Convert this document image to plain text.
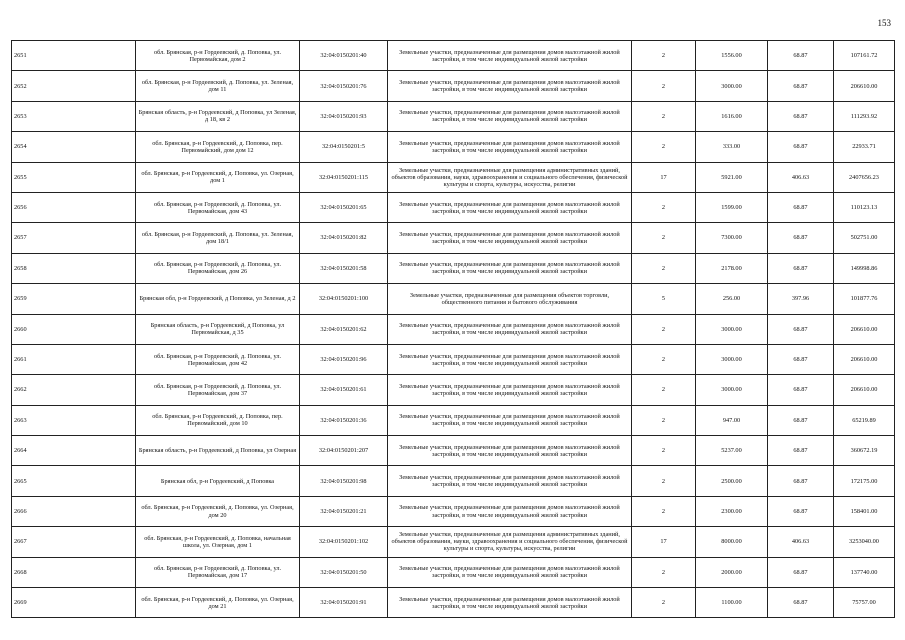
153
2651	обл. Брянская, р-н Гордеевский, д. Поповка, ул. Первомайская, дом 2	32:04:0150201:40	Земельные участки, предназначенные для размещения домов малоэтажной жилой застройки, в том числе индивидуальной жилой застройки	2	1556.00	68.87	107161.72
2652	обл. Брянская, р-н Гордеевский, д. Поповка, ул. Зеленая, дом 11	32:04:0150201:76	Земельные участки, предназначенные для размещения домов малоэтажной жилой застройки, в том числе индивидуальной жилой застройки	2	3000.00	68.87	206610.00
2653	Брянская область, р-н Гордеевский, д Поповка, ул Зеленая, д 18, кв 2	32:04:0150201:93	Земельные участки, предназначенные для размещения домов малоэтажной жилой застройки, в том числе индивидуальной жилой застройки	2	1616.00	68.87	111293.92
2654	обл. Брянская, р-н Гордеевский, д. Поповка, пер. Первомайский, дом дом 12	32:04:0150201:5	Земельные участки, предназначенные для размещения домов малоэтажной жилой застройки, в том числе индивидуальной жилой застройки	2	333.00	68.87	22933.71
2655	обл. Брянская, р-н Гордеевский, д. Поповка, ул. Озерная, дом 1	32:04:0150201:115	Земельные участки, предназначенные для размещения административных зданий, объектов образования, науки, здравоохранения и социального обеспечения, физической культуры и спорта, культуры, искусства, религии	17	5921.00	406.63	2407656.23
2656	обл. Брянская, р-н Гордеевский, д. Поповка, ул. Первомайская, дом 43	32:04:0150201:65	Земельные участки, предназначенные для размещения домов малоэтажной жилой застройки, в том числе индивидуальной жилой застройки	2	1599.00	68.87	110123.13
2657	обл. Брянская, р-н Гордеевский, д. Поповка, ул. Зеленая, дом 18/1	32:04:0150201:82	Земельные участки, предназначенные для размещения домов малоэтажной жилой застройки, в том числе индивидуальной жилой застройки	2	7300.00	68.87	502751.00
2658	обл. Брянская, р-н Гордеевский, д. Поповка, ул. Первомайская, дом 26	32:04:0150201:58	Земельные участки, предназначенные для размещения домов малоэтажной жилой застройки, в том числе индивидуальной жилой застройки	2	2178.00	68.87	149998.86
2659	Брянская обл, р-н Гордеевский, д Поповка, ул Зеленая, д 2	32:04:0150201:100	Земельные участки, предназначенные для размещения объектов торговли, общественного питания и бытового обслуживания	5	256.00	397.96	101877.76
2660	Брянская область, р-н Гордеевский, д Поповка, ул Первомайская, д 35	32:04:0150201:62	Земельные участки, предназначенные для размещения домов малоэтажной жилой застройки, в том числе индивидуальной жилой застройки	2	3000.00	68.87	206610.00
2661	обл. Брянская, р-н Гордеевский, д. Поповка, ул. Первомайская, дом 42	32:04:0150201:96	Земельные участки, предназначенные для размещения домов малоэтажной жилой застройки, в том числе индивидуальной жилой застройки	2	3000.00	68.87	206610.00
2662	обл. Брянская, р-н Гордеевский, д. Поповка, ул. Первомайская, дом 37	32:04:0150201:61	Земельные участки, предназначенные для размещения домов малоэтажной жилой застройки, в том числе индивидуальной жилой застройки	2	3000.00	68.87	206610.00
2663	обл. Брянская, р-н Гордеевский, д. Поповка, пер. Первомайский, дом 10	32:04:0150201:36	Земельные участки, предназначенные для размещения домов малоэтажной жилой застройки, в том числе индивидуальной жилой застройки	2	947.00	68.87	65219.89
2664	Брянская область, р-н Гордеевский, д Поповка, ул Озерная	32:04:0150201:207	Земельные участки, предназначенные для размещения домов малоэтажной жилой застройки, в том числе индивидуальной жилой застройки	2	5237.00	68.87	360672.19
2665	Брянская обл, р-н Гордеевский, д Поповка	32:04:0150201:98	Земельные участки, предназначенные для размещения домов малоэтажной жилой застройки, в том числе индивидуальной жилой застройки	2	2500.00	68.87	172175.00
2666	обл. Брянская, р-н Гордеевский, д. Поповка, ул. Озерная, дом 20	32:04:0150201:21	Земельные участки, предназначенные для размещения домов малоэтажной жилой застройки, в том числе индивидуальной жилой застройки	2	2300.00	68.87	158401.00
2667	обл. Брянская, р-н Гордеевский, д. Поповка, начальная школа, ул. Озерная, дом 1	32:04:0150201:102	Земельные участки, предназначенные для размещения административных зданий, объектов образования, науки, здравоохранения и социального обеспечения, физической культуры и спорта, культуры, искусства, религии	17	8000.00	406.63	3253040.00
2668	обл. Брянская, р-н Гордеевский, д. Поповка, ул. Первомайская, дом 17	32:04:0150201:50	Земельные участки, предназначенные для размещения домов малоэтажной жилой застройки, в том числе индивидуальной жилой застройки	2	2000.00	68.87	137740.00
2669	обл. Брянская, р-н Гордеевский, д. Поповка, ул. Озерная, дом 21	32:04:0150201:91	Земельные участки, предназначенные для размещения домов малоэтажной жилой застройки, в том числе индивидуальной жилой застройки	2	1100.00	68.87	75757.00
